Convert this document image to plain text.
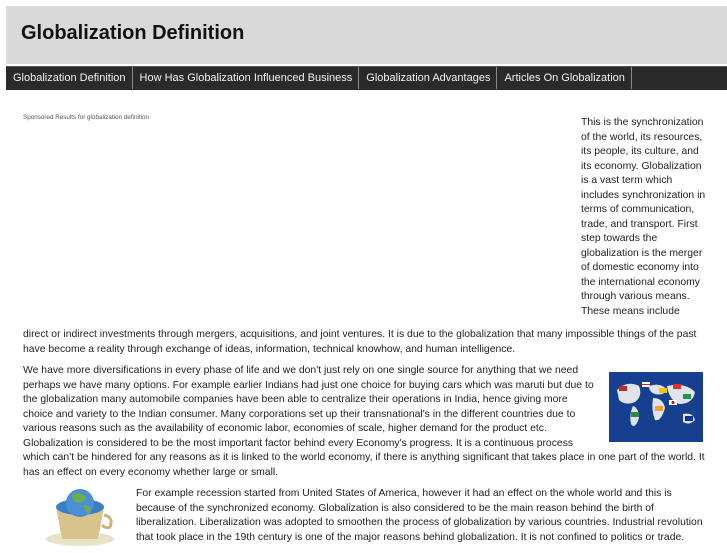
Globalization Definition
Globalization Definition	How Has Globalization Influenced Business	Globalization Advantages	Articles On Globalization
Sponsored Results for globalization definition	This is the synchronization of the world, its resources, its people, its culture, and its economy. Globalization is a vast term which includes synchronization in terms of communication, trade, and transport. First step towards the globalization is the merger of domestic economy into the international economy through various means. These means include
direct or indirect investments through mergers, acquisitions, and joint ventures. It is due to the globalization that many impossible things of the past have become a reality through exchange of ideas, information, technical knowhow, and human intelligence.

We have more diversifications in every phase of life and we don't just rely on one single source for anything that we need perhaps we have many options. For example earlier Indians had just one choice for buying cars which was maruti but due to the globalization many automobile companies have been able to centralize their operations in India, hence giving more choice and variety to the Indian consumer. Many corporations set up their transnational's in the different countries due to various reasons such as the availability of economic labor, economies of scale, higher demand for the product etc. Globalization is considered to be the most important factor behind every Economy's progress. It is a continuous process which can't be hindered for any reasons as it is linked to the world economy, if there is anything significant that takes place in one part of the world. It has an effect on every economy whether large or small.

For example recession started from United States of America, however it had an effect on the whole world and this is because of the synchronized economy. Globalization is also considered to be the main reason behind the birth of liberalization. Liberalization was adopted to smoothen the process of globalization by various countries. Industrial revolution that took place in the 19th century is one of the major reasons behind globalization. It is not confined to politics or trade.
